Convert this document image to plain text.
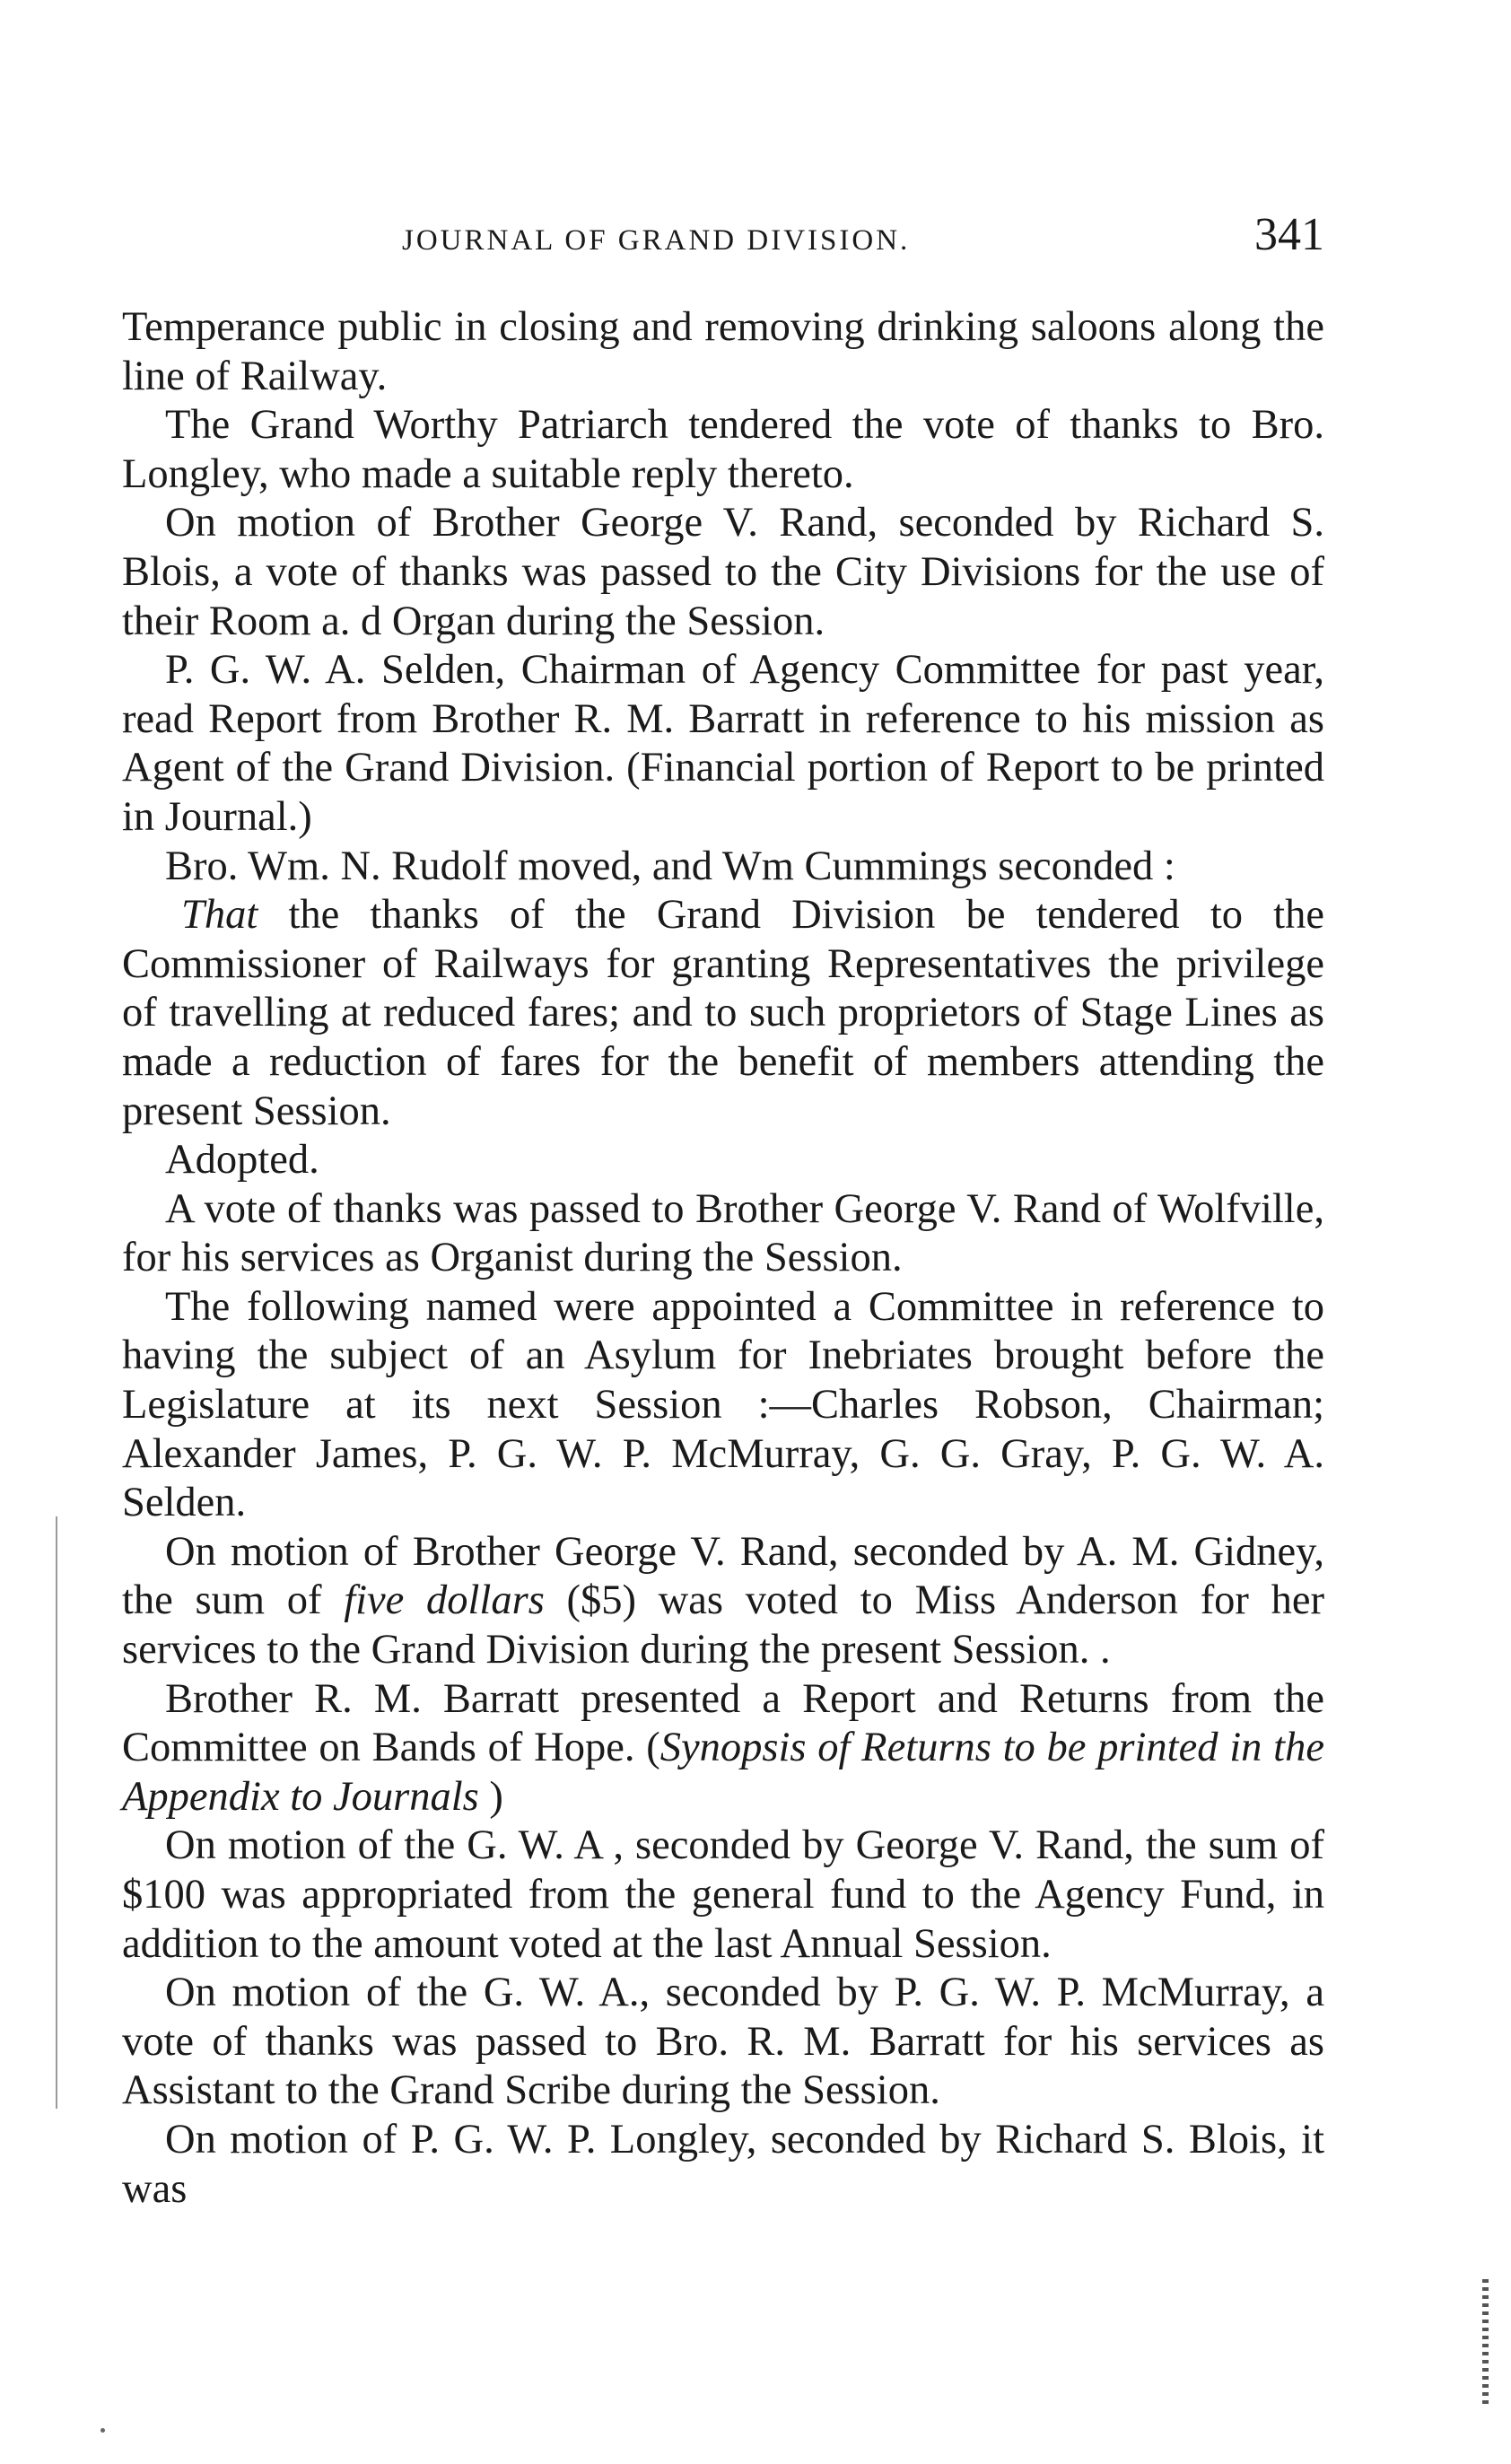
JOURNAL OF GRAND DIVISION.	341

Temperance public in closing and removing drinking saloons along the line of Railway.

The Grand Worthy Patriarch tendered the vote of thanks to Bro. Longley, who made a suitable reply thereto.

On motion of Brother George V. Rand, seconded by Richard S. Blois, a vote of thanks was passed to the City Divisions for the use of their Room a. d Organ during the Session.

P. G. W. A. Selden, Chairman of Agency Committee for past year, read Report from Brother R. M. Barratt in reference to his mission as Agent of the Grand Division. (Financial portion of Report to be printed in Journal.)

Bro. Wm. N. Rudolf moved, and Wm Cummings seconded :

That the thanks of the Grand Division be tendered to the Commissioner of Railways for granting Representatives the privilege of travelling at reduced fares; and to such proprietors of Stage Lines as made a reduction of fares for the benefit of members attending the present Session.

Adopted.

A vote of thanks was passed to Brother George V. Rand of Wolfville, for his services as Organist during the Session.

The following named were appointed a Committee in reference to having the subject of an Asylum for Inebriates brought before the Legislature at its next Session :—Charles Robson, Chairman; Alexander James, P. G. W. P. McMurray, G. G. Gray, P. G. W. A. Selden.

On motion of Brother George V. Rand, seconded by A. M. Gidney, the sum of five dollars ($5) was voted to Miss Anderson for her services to the Grand Division during the present Session. .

Brother R. M. Barratt presented a Report and Returns from the Committee on Bands of Hope. (Synopsis of Returns to be printed in the Appendix to Journals )

On motion of the G. W. A , seconded by George V. Rand, the sum of $100 was appropriated from the general fund to the Agency Fund, in addition to the amount voted at the last Annual Session.

On motion of the G. W. A., seconded by P. G. W. P. McMurray, a vote of thanks was passed to Bro. R. M. Barratt for his services as Assistant to the Grand Scribe during the Session.

On motion of P. G. W. P. Longley, seconded by Richard S. Blois, it was
